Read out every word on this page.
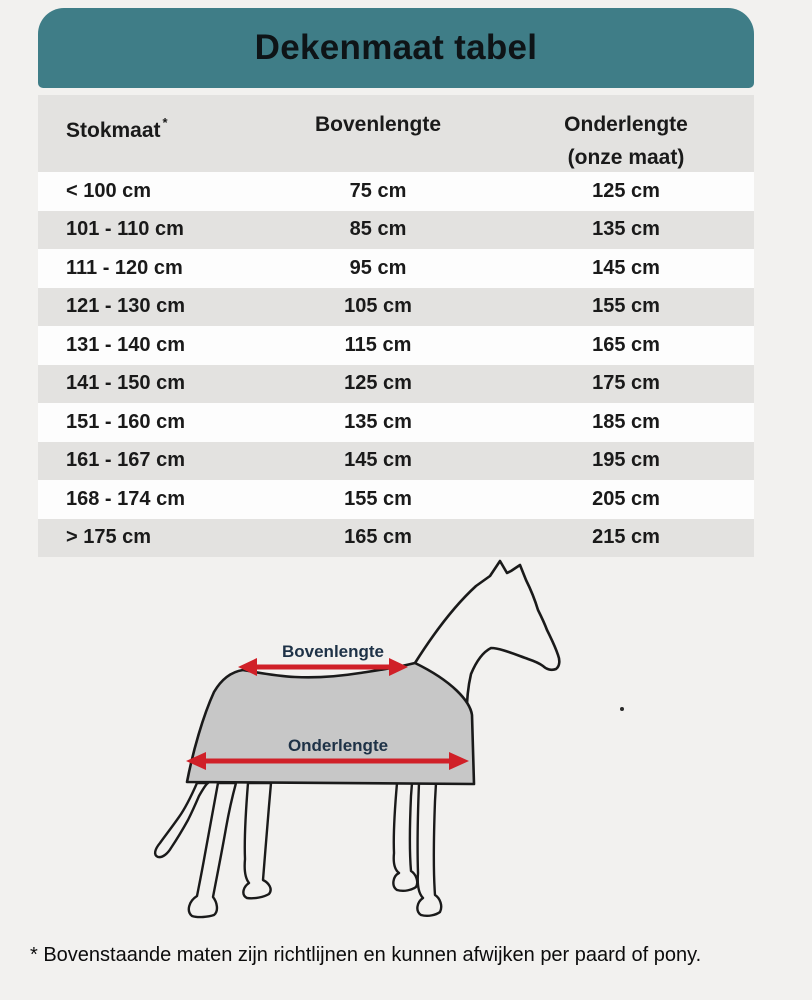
Dekenmaat tabel
Stokmaat *	Bovenlengte	Onderlengte
(onze maat)
< 100 cm	75 cm	125 cm
101 - 110 cm	85 cm	135 cm
111 - 120 cm	95 cm	145 cm
121 - 130 cm	105 cm	155 cm
131 - 140 cm	115 cm	165 cm
141 - 150 cm	125 cm	175 cm
151 - 160 cm	135 cm	185 cm
161 - 167 cm	145 cm	195 cm
168 - 174 cm	155 cm	205 cm
> 175 cm	165 cm	215 cm
Bovenlengte
Onderlengte
* Bovenstaande maten zijn richtlijnen en kunnen afwijken per paard of pony.
